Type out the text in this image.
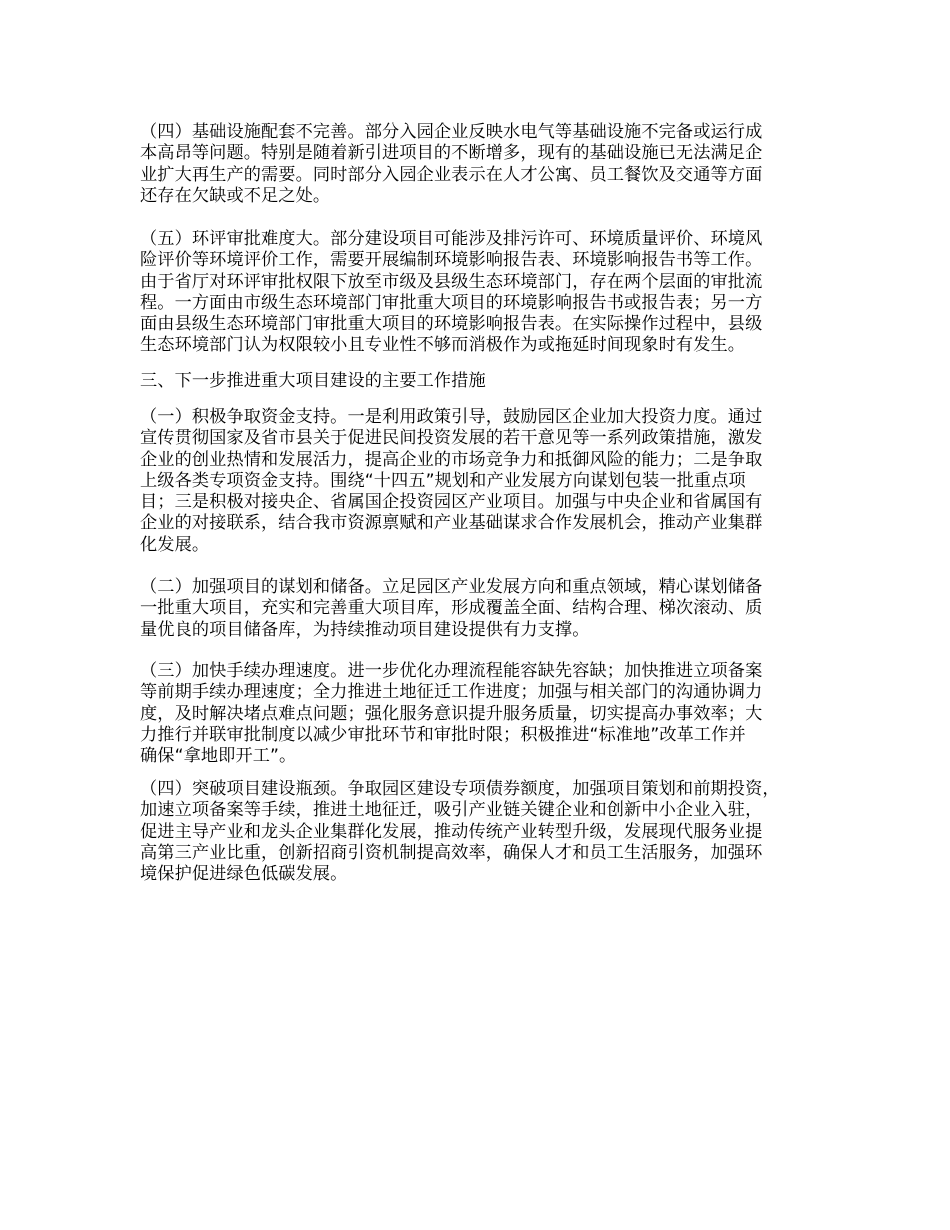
（四）基础设施配套不完善。部分入园企业反映水电气等基础设施不完备或运行成
本高昂等问题。特别是随着新引进项目的不断增多，现有的基础设施已无法满足企
业扩大再生产的需要。同时部分入园企业表示在人才公寓、员工餐饮及交通等方面
还存在欠缺或不足之处。
（五）环评审批难度大。部分建设项目可能涉及排污许可、环境质量评价、环境风
险评价等环境评价工作，需要开展编制环境影响报告表、环境影响报告书等工作。
由于省厅对环评审批权限下放至市级及县级生态环境部门，存在两个层面的审批流
程。一方面由市级生态环境部门审批重大项目的环境影响报告书或报告表；另一方
面由县级生态环境部门审批重大项目的环境影响报告表。在实际操作过程中，县级
生态环境部门认为权限较小且专业性不够而消极作为或拖延时间现象时有发生。
三、下一步推进重大项目建设的主要工作措施
（一）积极争取资金支持。一是利用政策引导，鼓励园区企业加大投资力度。通过
宣传贯彻国家及省市县关于促进民间投资发展的若干意见等一系列政策措施，激发
企业的创业热情和发展活力，提高企业的市场竞争力和抵御风险的能力；二是争取
上级各类专项资金支持。围绕“十四五”规划和产业发展方向谋划包装一批重点项
目；三是积极对接央企、省属国企投资园区产业项目。加强与中央企业和省属国有
企业的对接联系，结合我市资源禀赋和产业基础谋求合作发展机会，推动产业集群
化发展。
（二）加强项目的谋划和储备。立足园区产业发展方向和重点领域，精心谋划储备
一批重大项目，充实和完善重大项目库，形成覆盖全面、结构合理、梯次滚动、质
量优良的项目储备库，为持续推动项目建设提供有力支撑。
（三）加快手续办理速度。进一步优化办理流程能容缺先容缺；加快推进立项备案
等前期手续办理速度；全力推进土地征迁工作进度；加强与相关部门的沟通协调力
度，及时解决堵点难点问题；强化服务意识提升服务质量，切实提高办事效率；大
力推行并联审批制度以减少审批环节和审批时限；积极推进“标准地”改革工作并
确保“拿地即开工”。
（四）突破项目建设瓶颈。争取园区建设专项债券额度，加强项目策划和前期投资，
加速立项备案等手续，推进土地征迁，吸引产业链关键企业和创新中小企业入驻，
促进主导产业和龙头企业集群化发展，推动传统产业转型升级，发展现代服务业提
高第三产业比重，创新招商引资机制提高效率，确保人才和员工生活服务，加强环
境保护促进绿色低碳发展。
